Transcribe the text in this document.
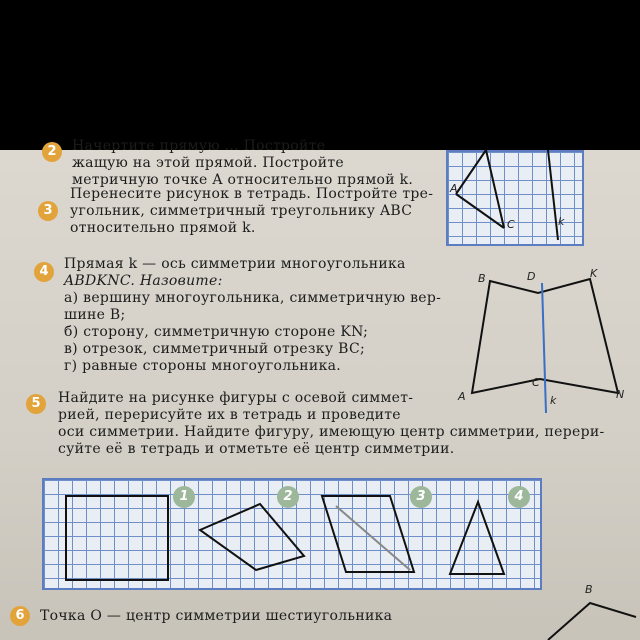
2	Начертите прямую ... Постройте
жащую на этой прямой. Постройте
метричную точке A относительно прямой k.
3
Перенесите рисунок в тетрадь. Постройте тре-
угольник, симметричный треугольнику ABC
относительно прямой k.
A
C	k
4	Прямая k — ось симметрии многоугольника
ABDKNC. Назовите:
а) вершину многоугольника, симметричную вер-
шине B;
б) сторону, симметричную стороне KN;
в) отрезок, симметричный отрезку BC;
г) равные стороны многоугольника.
B	D	K
A
C
N
k
5	Найдите на рисунке фигуры с осевой симмет-
рией, перерисуйте их в тетрадь и проведите
оси симметрии. Найдите фигуру, имеющую центр симметрии, перери-
суйте её в тетрадь и отметьте её центр симметрии.
1	2	3	4
6	Точка O — центр симметрии шестиугольника
B
